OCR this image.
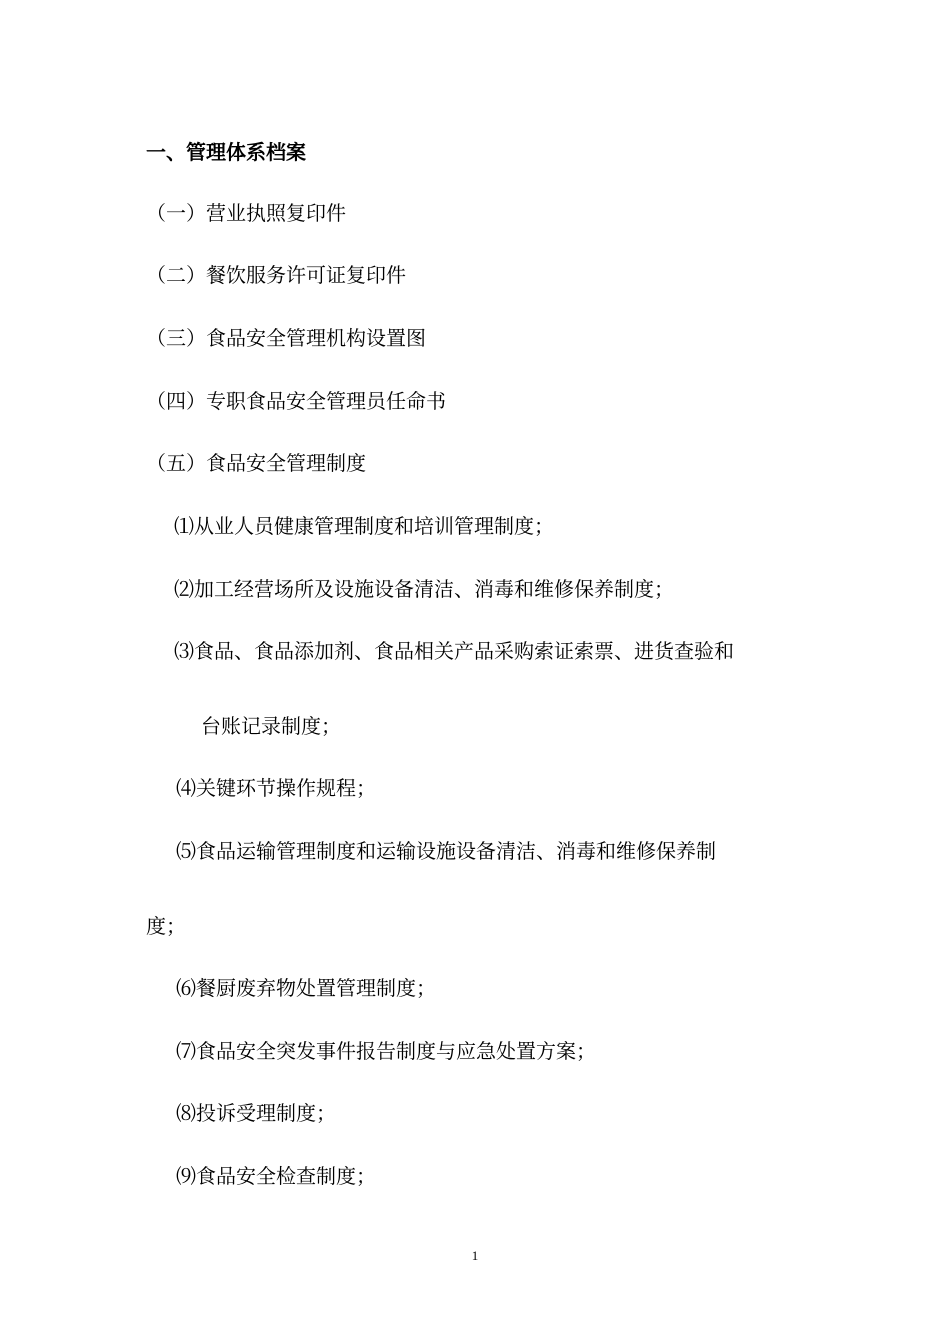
一、管理体系档案
（一）营业执照复印件
（二）餐饮服务许可证复印件
（三）食品安全管理机构设置图
（四）专职食品安全管理员任命书
（五）食品安全管理制度
⑴从业人员健康管理制度和培训管理制度；
⑵加工经营场所及设施设备清洁、消毒和维修保养制度；
⑶食品、食品添加剂、食品相关产品采购索证索票、进货查验和
台账记录制度；
⑷关键环节操作规程；
⑸食品运输管理制度和运输设施设备清洁、消毒和维修保养制
度；
⑹餐厨废弃物处置管理制度；
⑺食品安全突发事件报告制度与应急处置方案；
⑻投诉受理制度；
⑼食品安全检查制度；
1
